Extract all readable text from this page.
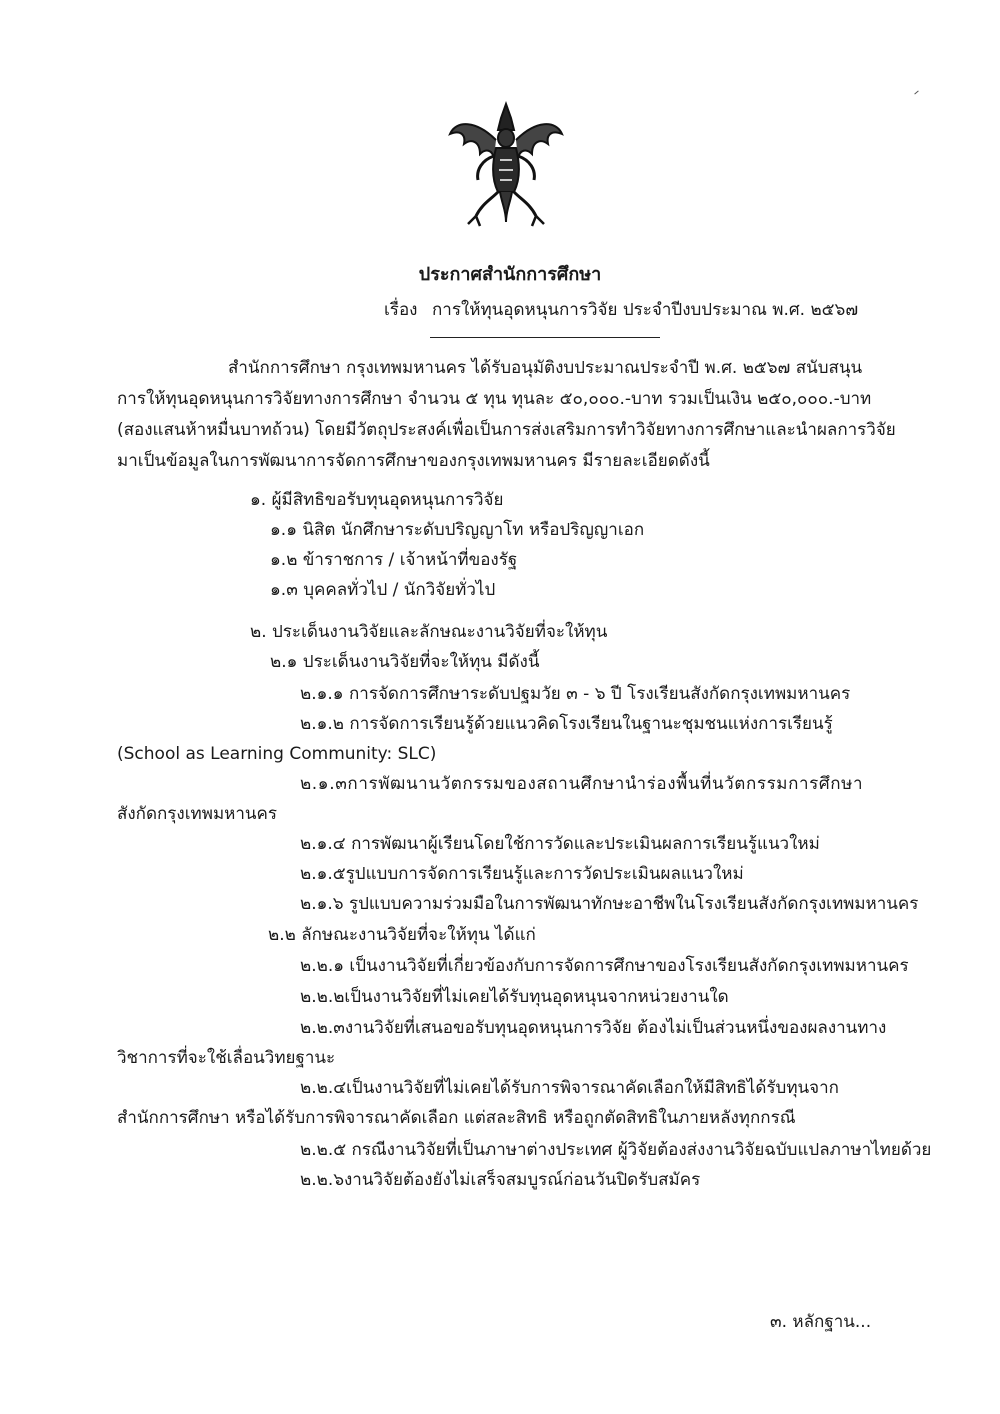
ประกาศสำนักการศึกษา
เรื่อง การให้ทุนอุดหนุนการวิจัย ประจำปีงบประมาณ พ.ศ. ๒๕๖๗
สำนักการศึกษา กรุงเทพมหานคร ได้รับอนุมัติงบประมาณประจำปี พ.ศ. ๒๕๖๗ สนับสนุน
การให้ทุนอุดหนุนการวิจัยทางการศึกษา จำนวน ๕ ทุน ทุนละ ๕๐,๐๐๐.-บาท รวมเป็นเงิน ๒๕๐,๐๐๐.-บาท
(สองแสนห้าหมื่นบาทถ้วน) โดยมีวัตถุประสงค์เพื่อเป็นการส่งเสริมการทำวิจัยทางการศึกษาและนำผลการวิจัย
มาเป็นข้อมูลในการพัฒนาการจัดการศึกษาของกรุงเทพมหานคร มีรายละเอียดดังนี้
๑. ผู้มีสิทธิขอรับทุนอุดหนุนการวิจัย
๑.๑ นิสิต นักศึกษาระดับปริญญาโท หรือปริญญาเอก
๑.๒ ข้าราชการ / เจ้าหน้าที่ของรัฐ
๑.๓ บุคคลทั่วไป / นักวิจัยทั่วไป
๒. ประเด็นงานวิจัยและลักษณะงานวิจัยที่จะให้ทุน
๒.๑ ประเด็นงานวิจัยที่จะให้ทุน มีดังนี้
๒.๑.๑ การจัดการศึกษาระดับปฐมวัย ๓ - ๖ ปี โรงเรียนสังกัดกรุงเทพมหานคร
๒.๑.๒ การจัดการเรียนรู้ด้วยแนวคิดโรงเรียนในฐานะชุมชนแห่งการเรียนรู้
(School as Learning Community: SLC)
๒.๑.๓การพัฒนานวัตกรรมของสถานศึกษานำร่องพื้นที่นวัตกรรมการศึกษา
สังกัดกรุงเทพมหานคร
๒.๑.๔ การพัฒนาผู้เรียนโดยใช้การวัดและประเมินผลการเรียนรู้แนวใหม่
๒.๑.๕รูปแบบการจัดการเรียนรู้และการวัดประเมินผลแนวใหม่
๒.๑.๖ รูปแบบความร่วมมือในการพัฒนาทักษะอาชีพในโรงเรียนสังกัดกรุงเทพมหานคร
๒.๒ ลักษณะงานวิจัยที่จะให้ทุน ได้แก่
๒.๒.๑ เป็นงานวิจัยที่เกี่ยวข้องกับการจัดการศึกษาของโรงเรียนสังกัดกรุงเทพมหานคร
๒.๒.๒เป็นงานวิจัยที่ไม่เคยได้รับทุนอุดหนุนจากหน่วยงานใด
๒.๒.๓งานวิจัยที่เสนอขอรับทุนอุดหนุนการวิจัย ต้องไม่เป็นส่วนหนึ่งของผลงานทาง
วิชาการที่จะใช้เลื่อนวิทยฐานะ
๒.๒.๔เป็นงานวิจัยที่ไม่เคยได้รับการพิจารณาคัดเลือกให้มีสิทธิได้รับทุนจาก
สำนักการศึกษา หรือได้รับการพิจารณาคัดเลือก แต่สละสิทธิ หรือถูกตัดสิทธิในภายหลังทุกกรณี
๒.๒.๕ กรณีงานวิจัยที่เป็นภาษาต่างประเทศ ผู้วิจัยต้องส่งงานวิจัยฉบับแปลภาษาไทยด้วย
๒.๒.๖งานวิจัยต้องยังไม่เสร็จสมบูรณ์ก่อนวันปิดรับสมัคร
๓. หลักฐาน...
